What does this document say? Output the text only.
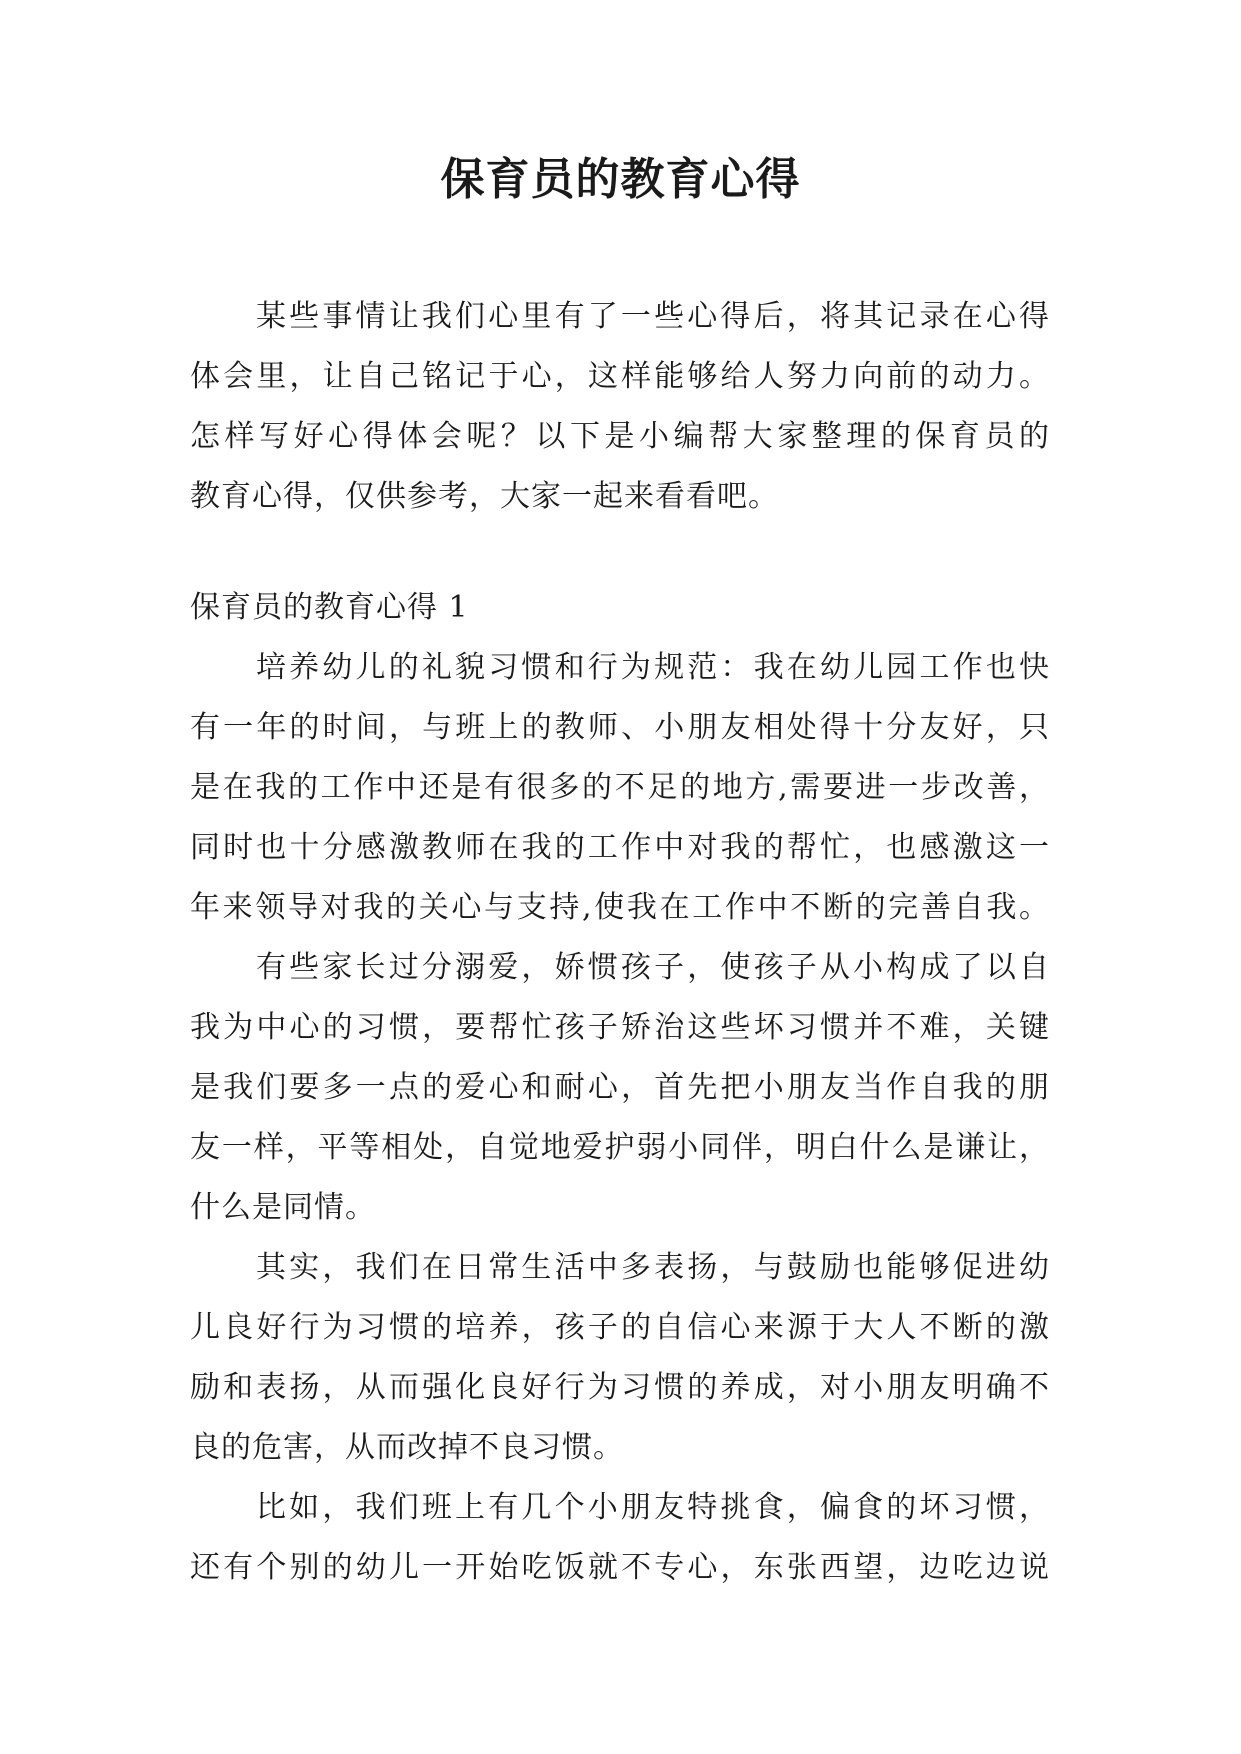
保育员的教育心得
某些事情让我们心里有了一些心得后，将其记录在心得
体会里，让自己铭记于心，这样能够给人努力向前的动力。
怎样写好心得体会呢？以下是小编帮大家整理的保育员的
教育心得，仅供参考，大家一起来看看吧。
保育员的教育心得 1
培养幼儿的礼貌习惯和行为规范：我在幼儿园工作也快
有一年的时间，与班上的教师、小朋友相处得十分友好，只
是在我的工作中还是有很多的不足的地方,需要进一步改善，
同时也十分感激教师在我的工作中对我的帮忙，也感激这一
年来领导对我的关心与支持,使我在工作中不断的完善自我。
有些家长过分溺爱，娇惯孩子，使孩子从小构成了以自
我为中心的习惯，要帮忙孩子矫治这些坏习惯并不难，关键
是我们要多一点的爱心和耐心，首先把小朋友当作自我的朋
友一样，平等相处，自觉地爱护弱小同伴，明白什么是谦让，
什么是同情。
其实，我们在日常生活中多表扬，与鼓励也能够促进幼
儿良好行为习惯的培养，孩子的自信心来源于大人不断的激
励和表扬，从而强化良好行为习惯的养成，对小朋友明确不
良的危害，从而改掉不良习惯。
比如，我们班上有几个小朋友特挑食，偏食的坏习惯，
还有个别的幼儿一开始吃饭就不专心，东张西望，边吃边说
